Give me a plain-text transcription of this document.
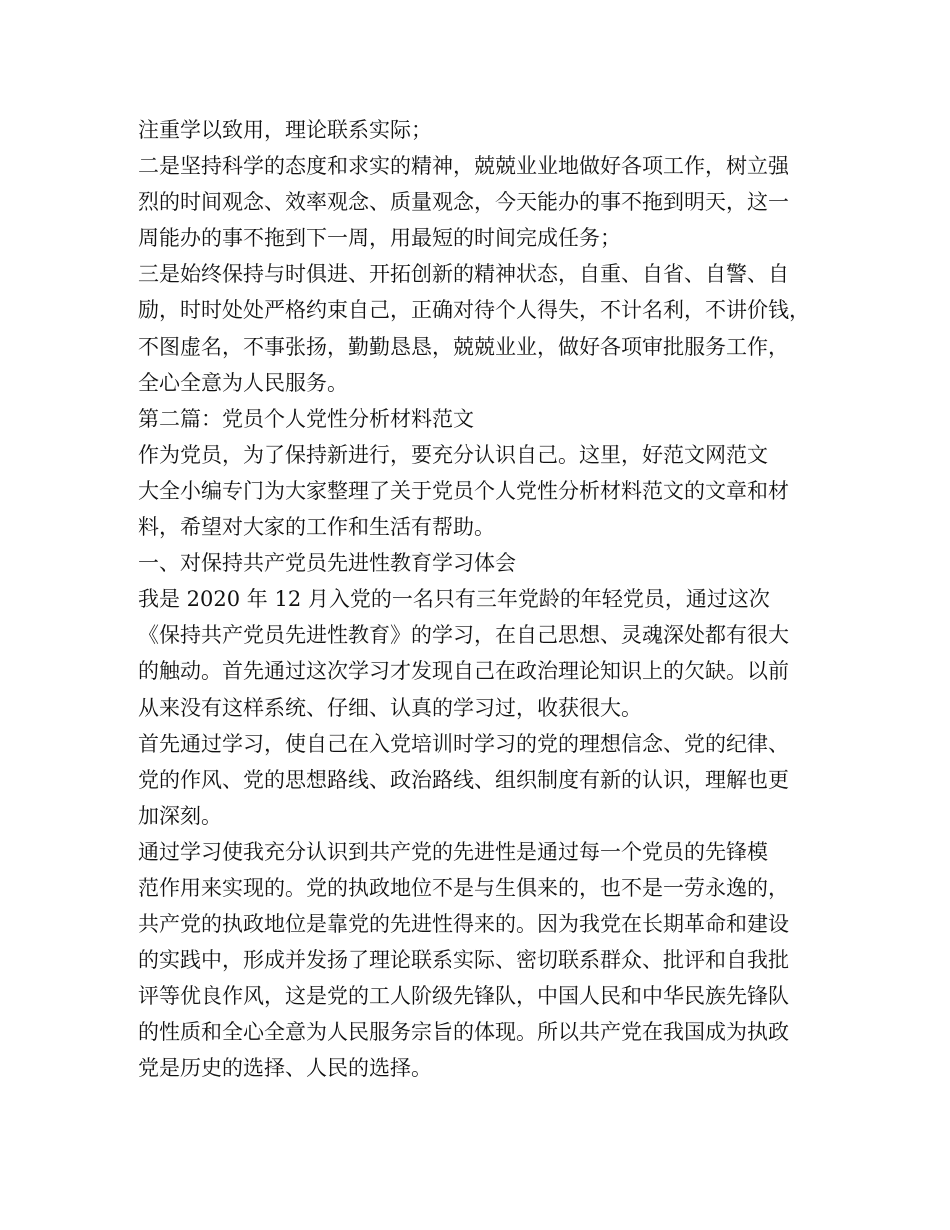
注重学以致用，理论联系实际；
二是坚持科学的态度和求实的精神，兢兢业业地做好各项工作，树立强
烈的时间观念、效率观念、质量观念，今天能办的事不拖到明天，这一
周能办的事不拖到下一周，用最短的时间完成任务；
三是始终保持与时俱进、开拓创新的精神状态，自重、自省、自警、自
励，时时处处严格约束自己，正确对待个人得失，不计名利，不讲价钱，
不图虚名，不事张扬，勤勤恳恳，兢兢业业，做好各项审批服务工作，
全心全意为人民服务。
第二篇：党员个人党性分析材料范文
作为党员，为了保持新进行，要充分认识自己。这里，好范文网范文
大全小编专门为大家整理了关于党员个人党性分析材料范文的文章和材
料，希望对大家的工作和生活有帮助。
一、对保持共产党员先进性教育学习体会
我是 2020 年 12 月入党的一名只有三年党龄的年轻党员，通过这次
《保持共产党员先进性教育》的学习，在自己思想、灵魂深处都有很大
的触动。首先通过这次学习才发现自己在政治理论知识上的欠缺。以前
从来没有这样系统、仔细、认真的学习过，收获很大。
首先通过学习，使自己在入党培训时学习的党的理想信念、党的纪律、
党的作风、党的思想路线、政治路线、组织制度有新的认识，理解也更
加深刻。
通过学习使我充分认识到共产党的先进性是通过每一个党员的先锋模
范作用来实现的。党的执政地位不是与生俱来的，也不是一劳永逸的，
共产党的执政地位是靠党的先进性得来的。因为我党在长期革命和建设
的实践中，形成并发扬了理论联系实际、密切联系群众、批评和自我批
评等优良作风，这是党的工人阶级先锋队，中国人民和中华民族先锋队
的性质和全心全意为人民服务宗旨的体现。所以共产党在我国成为执政
党是历史的选择、人民的选择。
